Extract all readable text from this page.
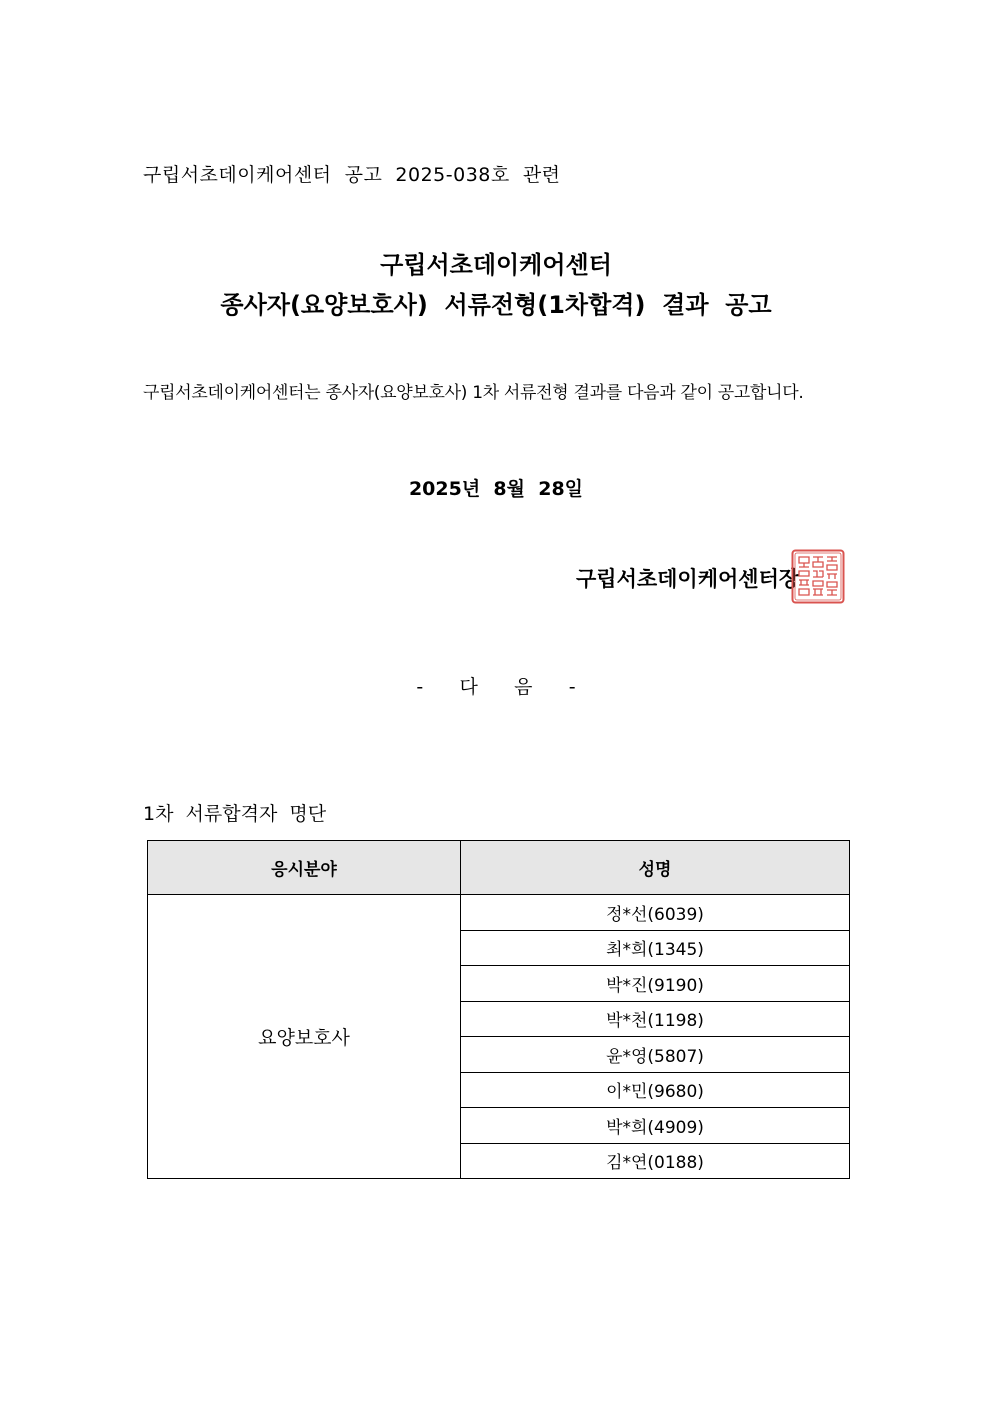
구립서초데이케어센터  공고  2025-038호  관련
구립서초데이케어센터
종사자(요양보호사)  서류전형(1차합격)  결과  공고
구립서초데이케어센터는 종사자(요양보호사) 1차 서류전형 결과를 다음과 같이 공고합니다.
2025년  8월  28일
구립서초데이케어센터장
-      다      음      -
1차  서류합격자  명단
응시분야	성명
요양보호사	정*선(6039)
	최*희(1345)
	박*진(9190)
	박*천(1198)
	윤*영(5807)
	이*민(9680)
	박*희(4909)
	김*연(0188)
